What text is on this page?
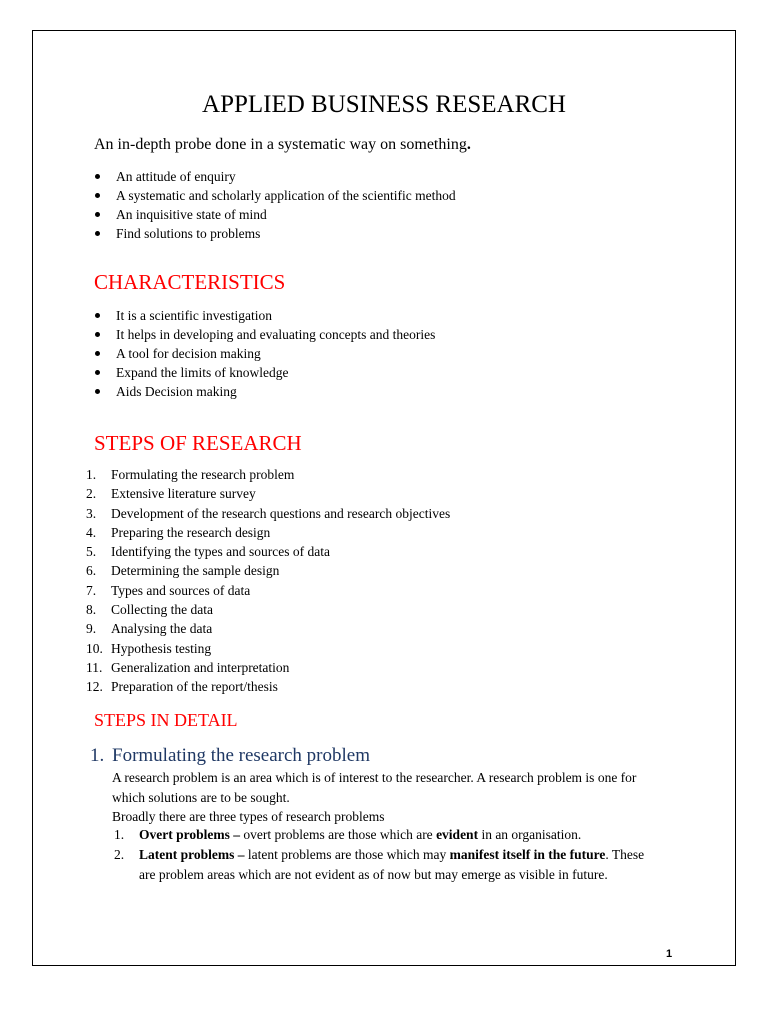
APPLIED BUSINESS RESEARCH

An in-depth probe done in a systematic way on something.

An attitude of enquiry
A systematic and scholarly application of the scientific method
An inquisitive state of mind
Find solutions to problems
CHARACTERISTICS
It is a scientific investigation
It helps in developing and evaluating concepts and theories
A tool for decision making
Expand the limits of knowledge
Aids Decision making
STEPS OF RESEARCH
1.	Formulating the research problem
2.	Extensive literature survey
3.	Development of the research questions and research objectives
4.	Preparing the research design
5.	Identifying the types and sources of data
6.	Determining the sample design
7.	Types and sources of data
8.	Collecting the data
9.	Analysing the data
10. Hypothesis testing
11. Generalization and interpretation
12. Preparation of the report/thesis
STEPS IN DETAIL
1. Formulating the research problem

A research problem is an area which is of interest to the researcher. A research problem is one for which solutions are to be sought.

Broadly there are three types of research problems

1.	Overt problems – overt problems are those which are evident in an organisation.
2.	Latent problems – latent problems are those which may manifest itself in the future. These are problem areas which are not evident as of now but may emerge as visible in future.
1
